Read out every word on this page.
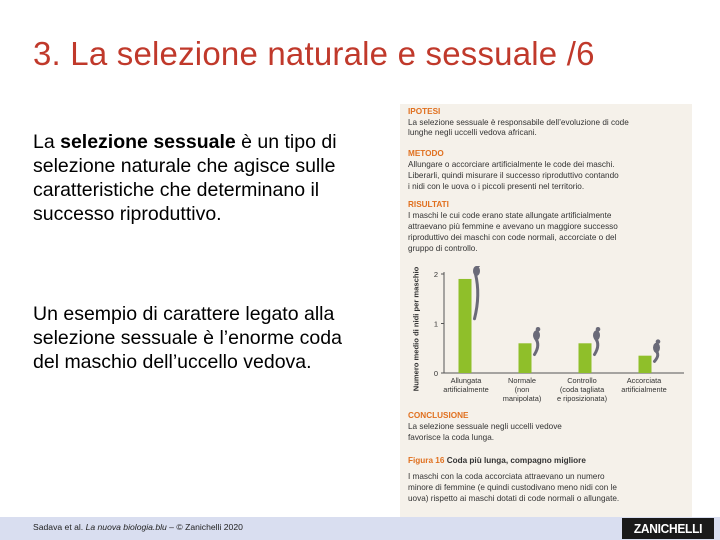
3. La selezione naturale e sessuale /6

La selezione sessuale è un tipo di selezione naturale che agisce sulle caratteristiche che determinano il successo riproduttivo.

Un esempio di carattere legato alla selezione sessuale è l’enorme coda del maschio dell’uccello vedova.

IPOTESI
La selezione sessuale è responsabile dell’evoluzione di code
lunghe negli uccelli vedova africani.
METODO
Allungare o accorciare artificialmente le code dei maschi.
Liberarli, quindi misurare il successo riproduttivo contando
i nidi con le uova o i piccoli presenti nel territorio.
RISULTATI
I maschi le cui code erano state allungate artificialmente
attraevano più femmine e avevano un maggiore successo
riproduttivo dei maschi con code normali, accorciate o del
gruppo di controllo.
0
1
2
Numero medio di nidi per maschio	Allungata
artificialmente
Normale
(non
manipolata)
Controllo
(coda tagliata
e riposizionata)
Accorciata
artificialmente
CONCLUSIONE
La selezione sessuale negli uccelli vedove
favorisce la coda lunga.
Figura 16 Coda più lunga, compagno migliore
I maschi con la coda accorciata attraevano un numero
minore di femmine (e quindi custodivano meno nidi con le
uova) rispetto ai maschi dotati di code normali o allungate.
Sadava et al. La nuova biologia.blu – © Zanichelli 2020	ZANICHELLI
